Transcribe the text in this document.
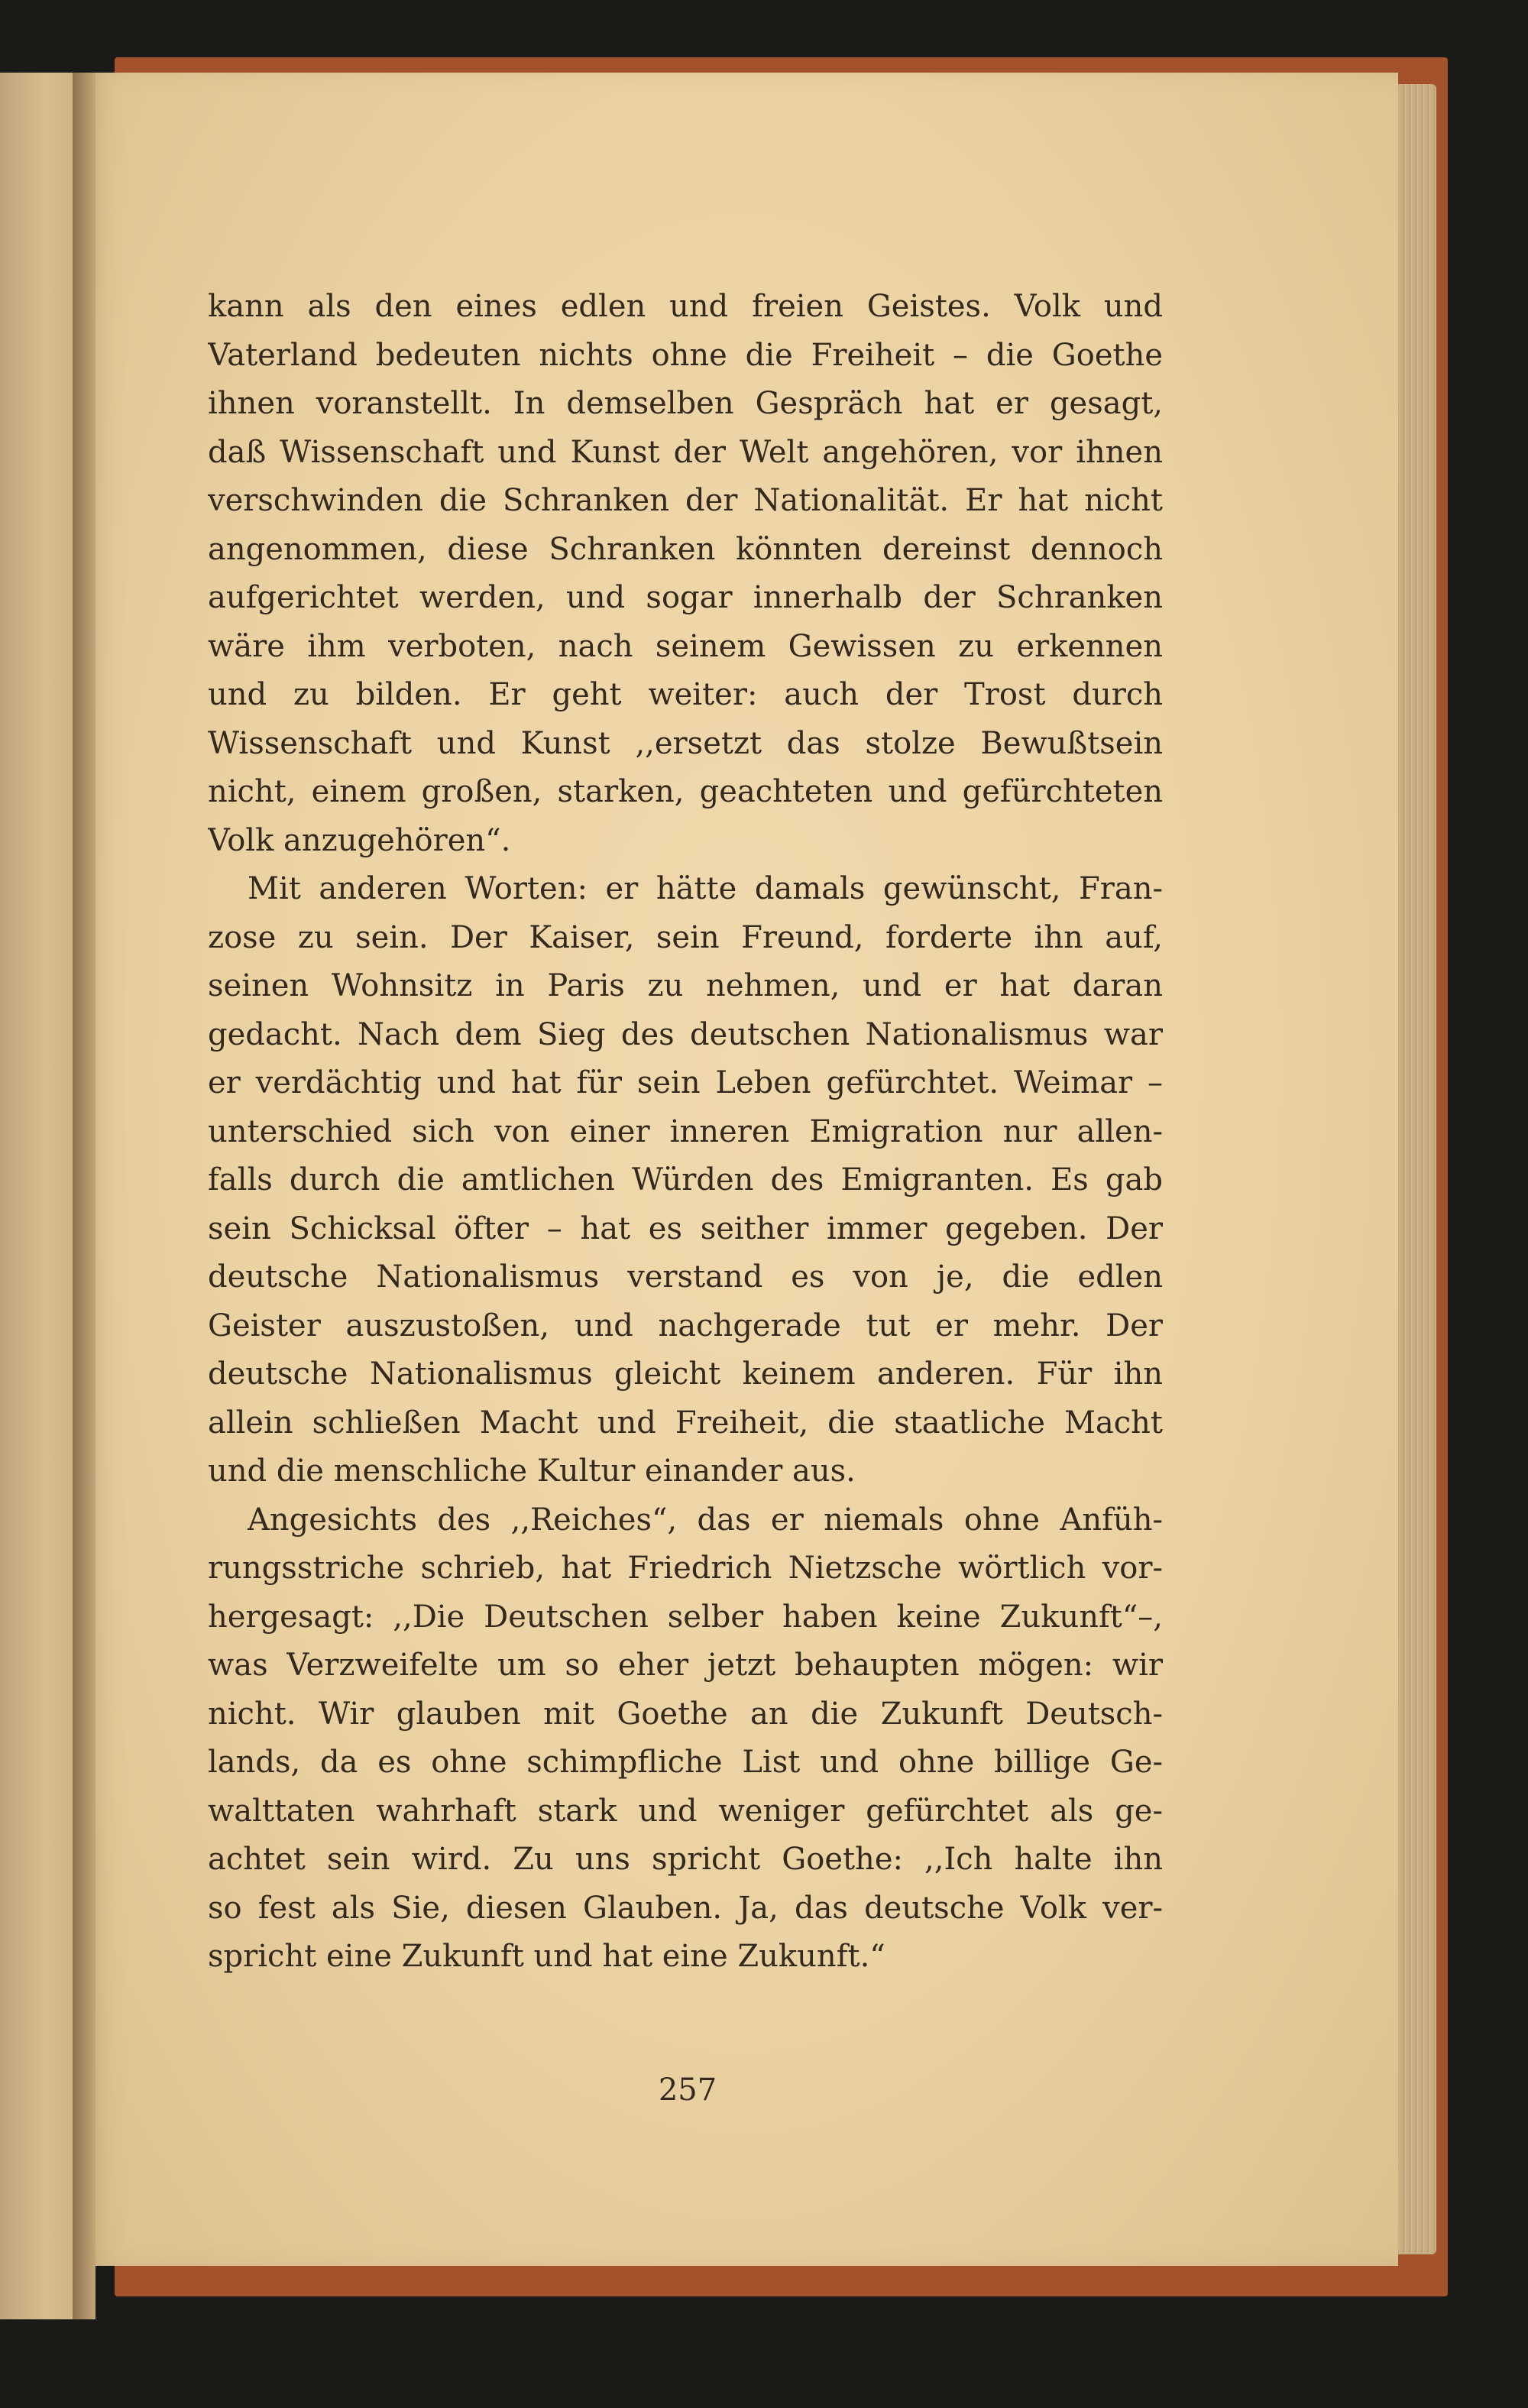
kann als den eines edlen und freien Geistes. Volk und
Vaterland bedeuten nichts ohne die Freiheit – die Goethe
ihnen voranstellt. In demselben Gespräch hat er gesagt,
daß Wissenschaft und Kunst der Welt angehören, vor ihnen
verschwinden die Schranken der Nationalität. Er hat nicht
angenommen, diese Schranken könnten dereinst dennoch
aufgerichtet werden, und sogar innerhalb der Schranken
wäre ihm verboten, nach seinem Gewissen zu erkennen
und zu bilden. Er geht weiter: auch der Trost durch
Wissenschaft und Kunst ,,ersetzt das stolze Bewußtsein
nicht, einem großen, starken, geachteten und gefürchteten
Volk anzugehören“.
Mit anderen Worten: er hätte damals gewünscht, Fran-
zose zu sein. Der Kaiser, sein Freund, forderte ihn auf,
seinen Wohnsitz in Paris zu nehmen, und er hat daran
gedacht. Nach dem Sieg des deutschen Nationalismus war
er verdächtig und hat für sein Leben gefürchtet. Weimar –
unterschied sich von einer inneren Emigration nur allen-
falls durch die amtlichen Würden des Emigranten. Es gab
sein Schicksal öfter – hat es seither immer gegeben. Der
deutsche Nationalismus verstand es von je, die edlen
Geister auszustoßen, und nachgerade tut er mehr. Der
deutsche Nationalismus gleicht keinem anderen. Für ihn
allein schließen Macht und Freiheit, die staatliche Macht
und die menschliche Kultur einander aus.
Angesichts des ,,Reiches“, das er niemals ohne Anfüh-
rungsstriche schrieb, hat Friedrich Nietzsche wörtlich vor-
hergesagt: ,,Die Deutschen selber haben keine Zukunft“–,
was Verzweifelte um so eher jetzt behaupten mögen: wir
nicht. Wir glauben mit Goethe an die Zukunft Deutsch-
lands, da es ohne schimpfliche List und ohne billige Ge-
walttaten wahrhaft stark und weniger gefürchtet als ge-
achtet sein wird. Zu uns spricht Goethe: ,,Ich halte ihn
so fest als Sie, diesen Glauben. Ja, das deutsche Volk ver-
spricht eine Zukunft und hat eine Zukunft.“
257
